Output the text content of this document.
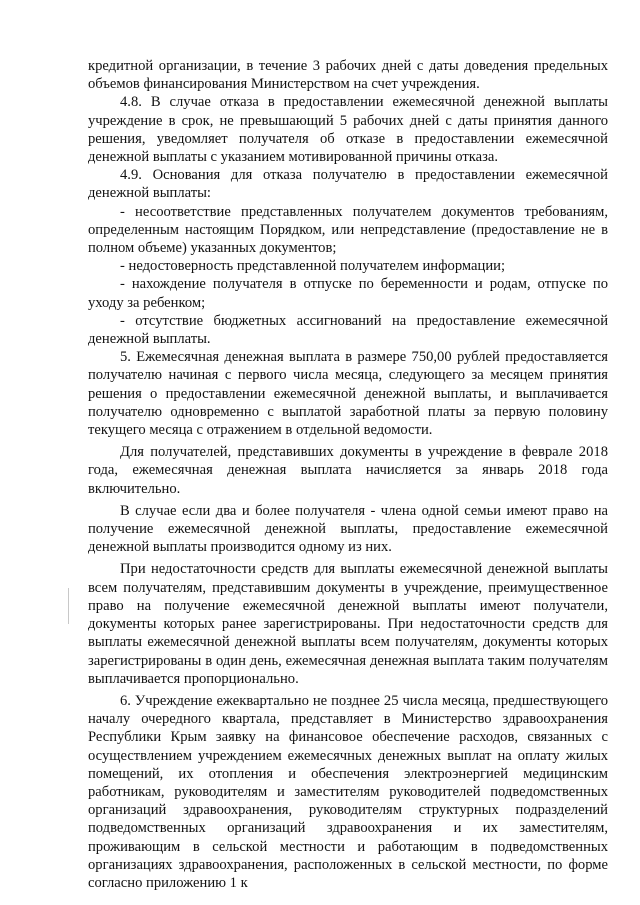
кредитной организации, в течение 3 рабочих дней с даты доведения предельных объемов финансирования Министерством на счет учреждения.

4.8. В случае отказа в предоставлении ежемесячной денежной выплаты учреждение в срок, не превышающий 5 рабочих дней с даты принятия данного решения, уведомляет получателя об отказе в предоставлении ежемесячной денежной выплаты с указанием мотивированной причины отказа.

4.9. Основания для отказа получателю в предоставлении ежемесячной денежной выплаты:

- несоответствие представленных получателем документов требованиям, определенным настоящим Порядком, или непредставление (предоставление не в полном объеме) указанных документов;

- недостоверность представленной получателем информации;

- нахождение получателя в отпуске по беременности и родам, отпуске по уходу за ребенком;

- отсутствие бюджетных ассигнований на предоставление ежемесячной денежной выплаты.

5. Ежемесячная денежная выплата в размере 750,00 рублей предоставляется получателю начиная с первого числа месяца, следующего за месяцем принятия решения о предоставлении ежемесячной денежной выплаты, и выплачивается получателю одновременно с выплатой заработной платы за первую половину текущего месяца с отражением в отдельной ведомости.

Для получателей, представивших документы в учреждение в феврале 2018 года, ежемесячная денежная выплата начисляется за январь 2018 года включительно.

В случае если два и более получателя - члена одной семьи имеют право на получение ежемесячной денежной выплаты, предоставление ежемесячной денежной выплаты производится одному из них.

При недостаточности средств для выплаты ежемесячной денежной выплаты всем получателям, представившим документы в учреждение, преимущественное право на получение ежемесячной денежной выплаты имеют получатели, документы которых ранее зарегистрированы. При недостаточности средств для выплаты ежемесячной денежной выплаты всем получателям, документы которых зарегистрированы в один день, ежемесячная денежная выплата таким получателям выплачивается пропорционально.

6. Учреждение ежеквартально не позднее 25 числа месяца, предшествующего началу очередного квартала, представляет в Министерство здравоохранения Республики Крым заявку на финансовое обеспечение расходов, связанных с осуществлением учреждением ежемесячных денежных выплат на оплату жилых помещений, их отопления и обеспечения электроэнергией медицинским работникам, руководителям и заместителям руководителей подведомственных организаций здравоохранения, руководителям структурных подразделений подведомственных организаций здравоохранения и их заместителям, проживающим в сельской местности и работающим в подведомственных организациях здравоохранения, расположенных в сельской местности, по форме согласно приложению 1 к
